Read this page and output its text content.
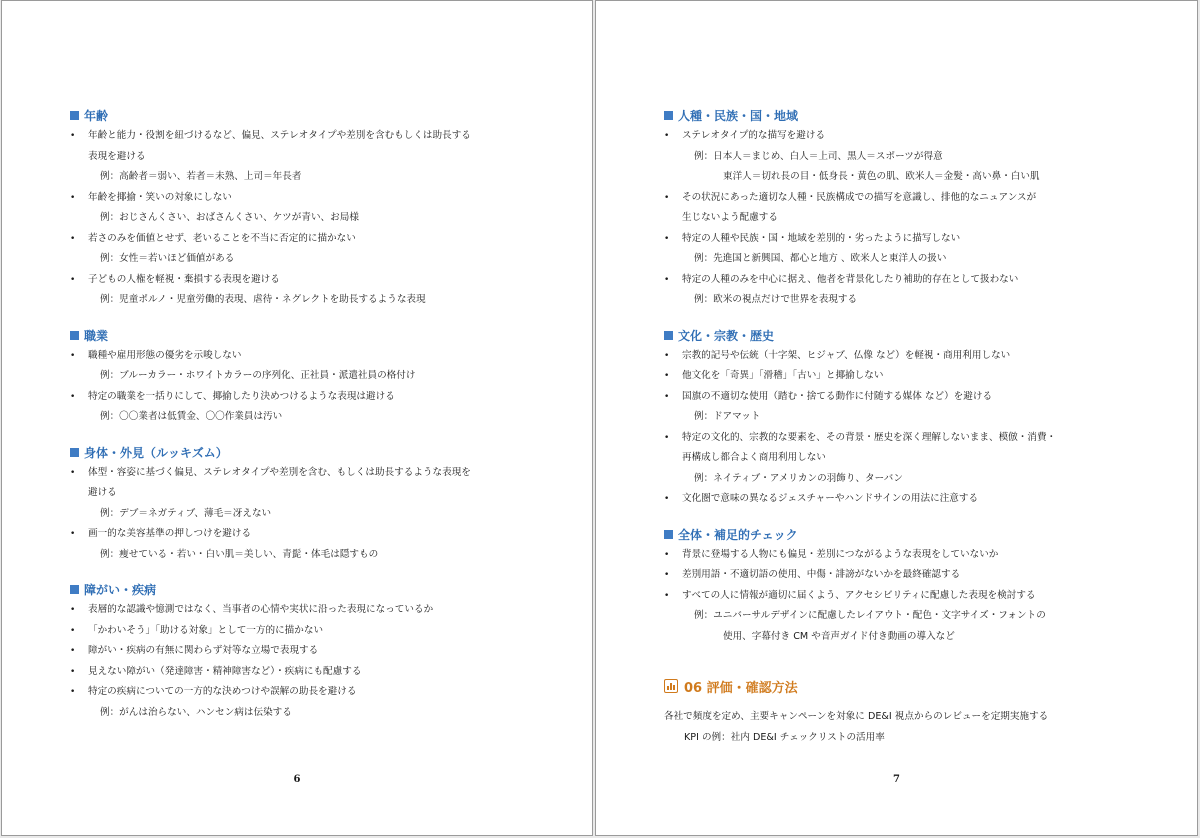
年齢
•	年齢と能力・役割を紐づけるなど、偏見、ステレオタイプや差別を含むもしくは助長する
表現を避ける
例：高齢者＝弱い、若者＝未熟、上司＝年長者
•	年齢を揶揄・笑いの対象にしない
例：おじさんくさい、おばさんくさい、ケツが青い、お局様
•	若さのみを価値とせず、老いることを不当に否定的に描かない
例：女性＝若いほど価値がある
•	子どもの人権を軽視・棄損する表現を避ける
例：児童ポルノ・児童労働的表現、虐待・ネグレクトを助長するような表現
職業
•	職種や雇用形態の優劣を示唆しない
例：ブルーカラー・ホワイトカラーの序列化、正社員・派遣社員の格付け
•	特定の職業を一括りにして、揶揄したり決めつけるような表現は避ける
例：〇〇業者は低賃金、〇〇作業員は汚い
身体・外見（ルッキズム）
•	体型・容姿に基づく偏見、ステレオタイプや差別を含む、もしくは助長するような表現を
避ける
例：デブ＝ネガティブ、薄毛＝冴えない
•	画一的な美容基準の押しつけを避ける
例：痩せている・若い・白い肌＝美しい、青髭・体毛は隠すもの
障がい・疾病
•	表層的な認識や憶測ではなく、当事者の心情や実状に沿った表現になっているか
•	「かわいそう」「助ける対象」として一方的に描かない
•	障がい・疾病の有無に関わらず対等な立場で表現する
•	見えない障がい（発達障害・精神障害など）・疾病にも配慮する
•	特定の疾病についての一方的な決めつけや誤解の助長を避ける
例：がんは治らない、ハンセン病は伝染する
6
人種・民族・国・地域
•	ステレオタイプ的な描写を避ける
例：日本人＝まじめ、白人＝上司、黒人＝スポーツが得意
東洋人＝切れ長の目・低身長・黄色の肌、欧米人＝金髪・高い鼻・白い肌
•	その状況にあった適切な人種・民族構成での描写を意識し、排他的なニュアンスが
生じないよう配慮する
•	特定の人種や民族・国・地域を差別的・劣ったように描写しない
例：先進国と新興国、都心と地方 、欧米人と東洋人の扱い
•	特定の人種のみを中心に据え、他者を背景化したり補助的存在として扱わない
例：欧米の視点だけで世界を表現する
文化・宗教・歴史
•	宗教的記号や伝統（十字架、ヒジャブ、仏像 など）を軽視・商用利用しない
•	他文化を「奇異」「滑稽」「古い」と揶揄しない
•	国旗の不適切な使用（踏む・捨てる動作に付随する媒体 など）を避ける
例：ドアマット
•	特定の文化的、宗教的な要素を、その背景・歴史を深く理解しないまま、模倣・消費・
再構成し都合よく商用利用しない
例：ネイティブ・アメリカンの羽飾り、ターバン
•	文化圏で意味の異なるジェスチャーやハンドサインの用法に注意する
全体・補足的チェック
•	背景に登場する人物にも偏見・差別につながるような表現をしていないか
•	差別用語・不適切語の使用、中傷・誹謗がないかを最終確認する
•	すべての人に情報が適切に届くよう、アクセシビリティに配慮した表現を検討する
例：ユニバーサルデザインに配慮したレイアウト・配色・文字サイズ・フォントの
使用、字幕付き CM や音声ガイド付き動画の導入など
06 評価・確認方法
各社で頻度を定め、主要キャンペーンを対象に DE&I 視点からのレビューを定期実施する
KPI の例：社内 DE&I チェックリストの活用率
7
